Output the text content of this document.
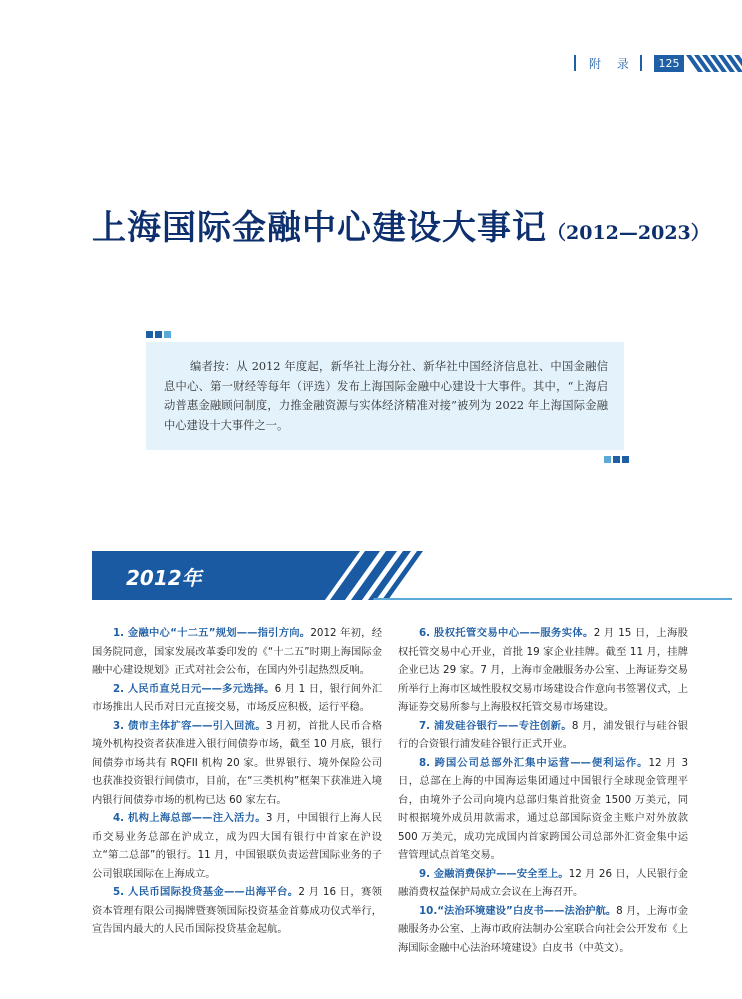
附 录	125
上海国际金融中心建设大事记（2012—2023）
编者按：从 2012 年度起，新华社上海分社、新华社中国经济信息社、中国金融信息中心、第一财经等每年（评选）发布上海国际金融中心建设十大事件。其中，“上海启动普惠金融顾问制度，力推金融资源与实体经济精准对接”被列为 2022 年上海国际金融中心建设十大事件之一。
2012年

1. 金融中心“十二五”规划——指引方向。2012 年初，经国务院同意，国家发展改革委印发的《“十二五”时期上海国际金融中心建设规划》正式对社会公布，在国内外引起热烈反响。

2. 人民币直兑日元——多元选择。6 月 1 日，银行间外汇市场推出人民币对日元直接交易，市场反应积极，运行平稳。

3. 债市主体扩容——引入回流。3 月初，首批人民币合格境外机构投资者获准进入银行间债券市场，截至 10 月底，银行间债券市场共有 RQFII 机构 20 家。世界银行、境外保险公司也获准投资银行间债市，目前，在“三类机构”框架下获准进入境内银行间债券市场的机构已达 60 家左右。

4. 机构上海总部——注入活力。3 月，中国银行上海人民币交易业务总部在沪成立，成为四大国有银行中首家在沪设立“第二总部”的银行。11 月，中国银联负责运营国际业务的子公司银联国际在上海成立。

5. 人民币国际投贷基金——出海平台。2 月 16 日，赛领资本管理有限公司揭牌暨赛领国际投资基金首募成功仪式举行，宣告国内最大的人民币国际投贷基金起航。

6. 股权托管交易中心——服务实体。2 月 15 日，上海股权托管交易中心开业，首批 19 家企业挂牌。截至 11 月，挂牌企业已达 29 家。7 月，上海市金融服务办公室、上海证券交易所举行上海市区域性股权交易市场建设合作意向书签署仪式，上海证券交易所参与上海股权托管交易市场建设。

7. 浦发硅谷银行——专注创新。8 月，浦发银行与硅谷银行的合资银行浦发硅谷银行正式开业。

8. 跨国公司总部外汇集中运营——便利运作。12 月 3 日，总部在上海的中国海运集团通过中国银行全球现金管理平台，由境外子公司向境内总部归集首批资金 1500 万美元，同时根据境外成员用款需求，通过总部国际资金主账户对外放款 500 万美元，成功完成国内首家跨国公司总部外汇资金集中运营管理试点首笔交易。

9. 金融消费保护——安全至上。12 月 26 日，人民银行金融消费权益保护局成立会议在上海召开。

10.“法治环境建设”白皮书——法治护航。8 月，上海市金融服务办公室、上海市政府法制办公室联合向社会公开发布《上海国际金融中心法治环境建设》白皮书（中英文）。
